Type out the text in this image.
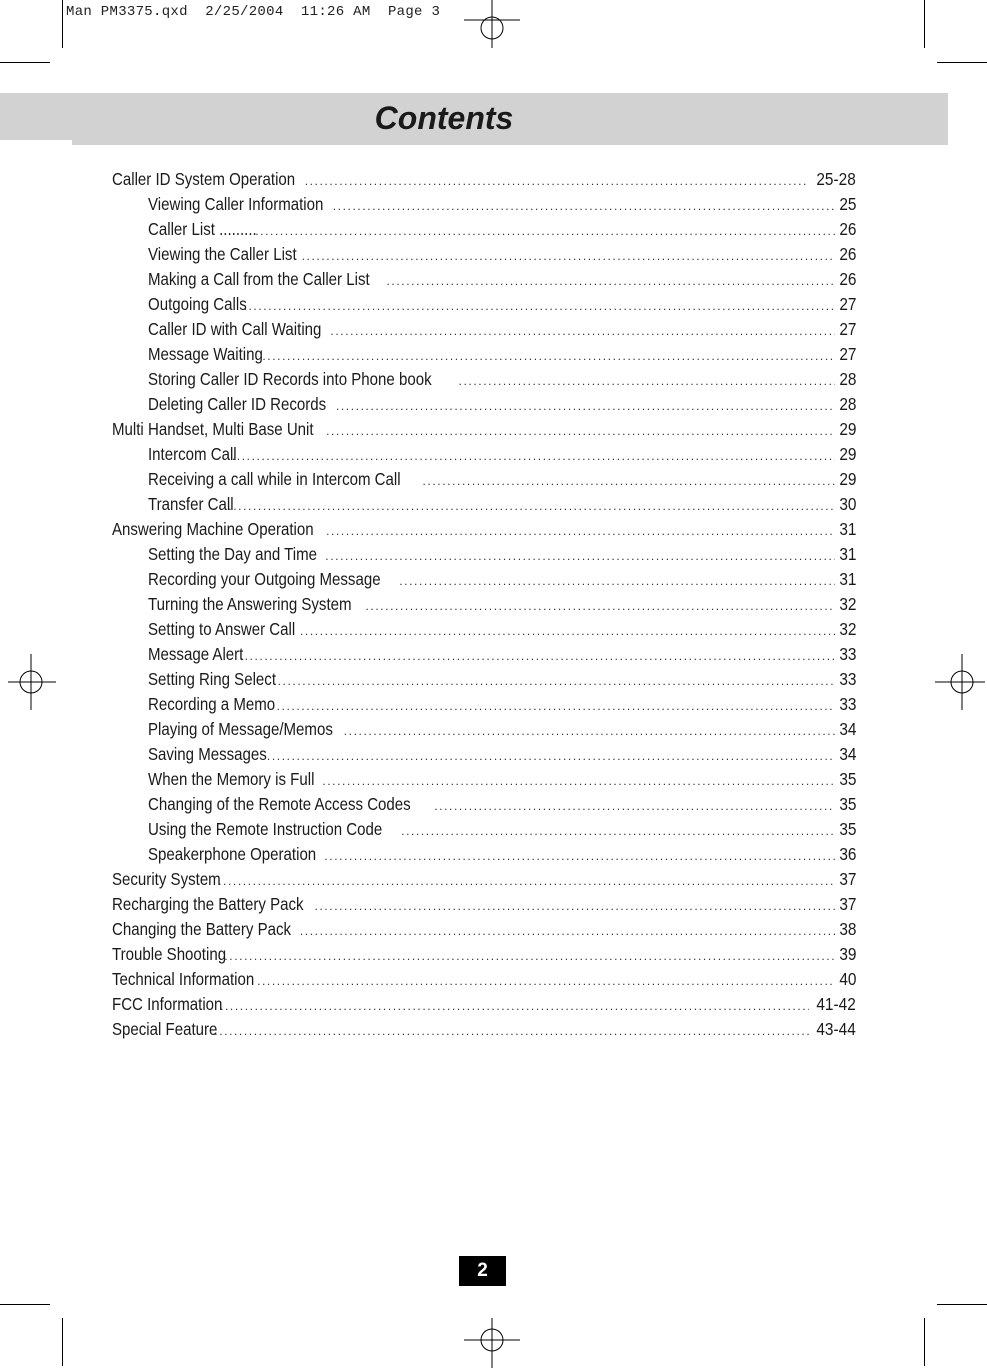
Man PM3375.qxd  2/25/2004  11:26 AM  Page 3
Contents
Caller ID System Operation .....	25-28
Viewing Caller Information .....	25
Caller List ......... .....	26
Viewing the Caller List .....	26
Making a Call from the Caller List .....	26
Outgoing Calls .....	27
Caller ID with Call Waiting .....	27
Message Waiting .....	27
Storing Caller ID Records into Phone book .....	28
Deleting Caller ID Records .....	28
Multi Handset, Multi Base Unit .....	29
Intercom Call .....	29
Receiving a call while in Intercom Call .....	29
Transfer Call .....	30
Answering Machine Operation .....	31
Setting the Day and Time .....	31
Recording your Outgoing Message .....	31
Turning the Answering System .....	32
Setting to Answer Call .....	32
Message Alert .....	33
Setting Ring Select .....	33
Recording a Memo .....	33
Playing of Message/Memos .....	34
Saving Messages .....	34
When the Memory is Full .....	35
Changing of the Remote Access Codes .....	35
Using the Remote Instruction Code .....	35
Speakerphone Operation .....	36
Security System .....	37
Recharging the Battery Pack .....	37
Changing the Battery Pack .....	38
Trouble Shooting .....	39
Technical Information .....	40
FCC Information .....	41-42
Special Feature .....	43-44
2
